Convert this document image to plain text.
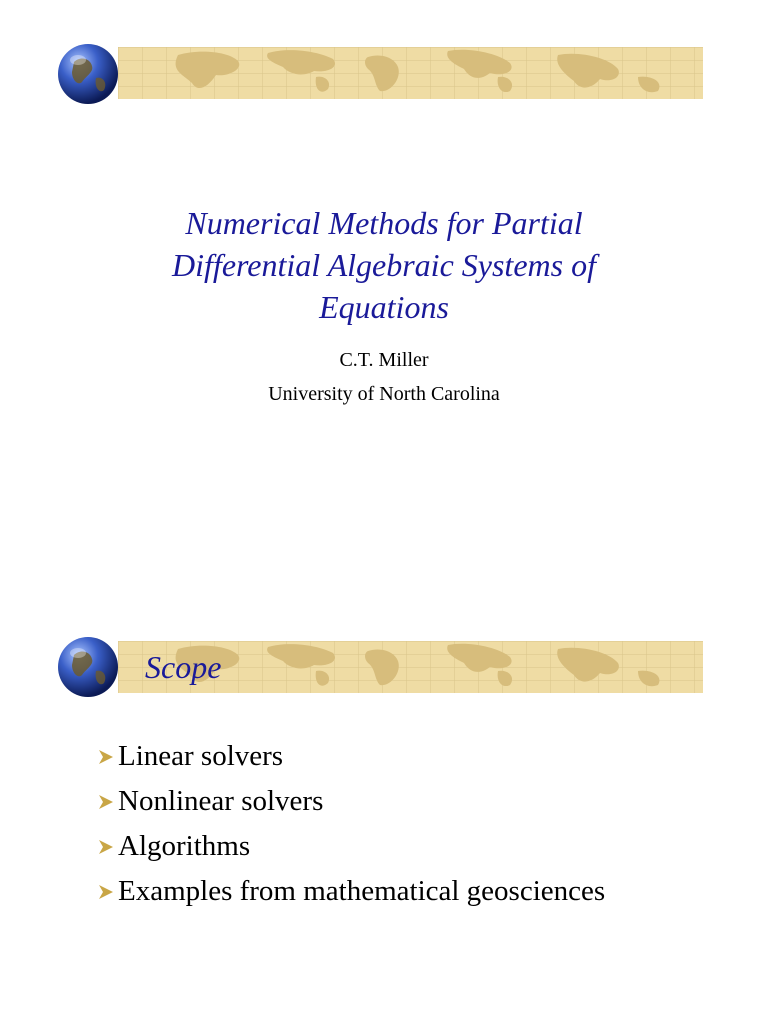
Numerical Methods for Partial
Differential Algebraic Systems of
Equations
C.T. Miller
University of North Carolina
Scope
Linear solvers
Nonlinear solvers
Algorithms
Examples from mathematical geosciences
